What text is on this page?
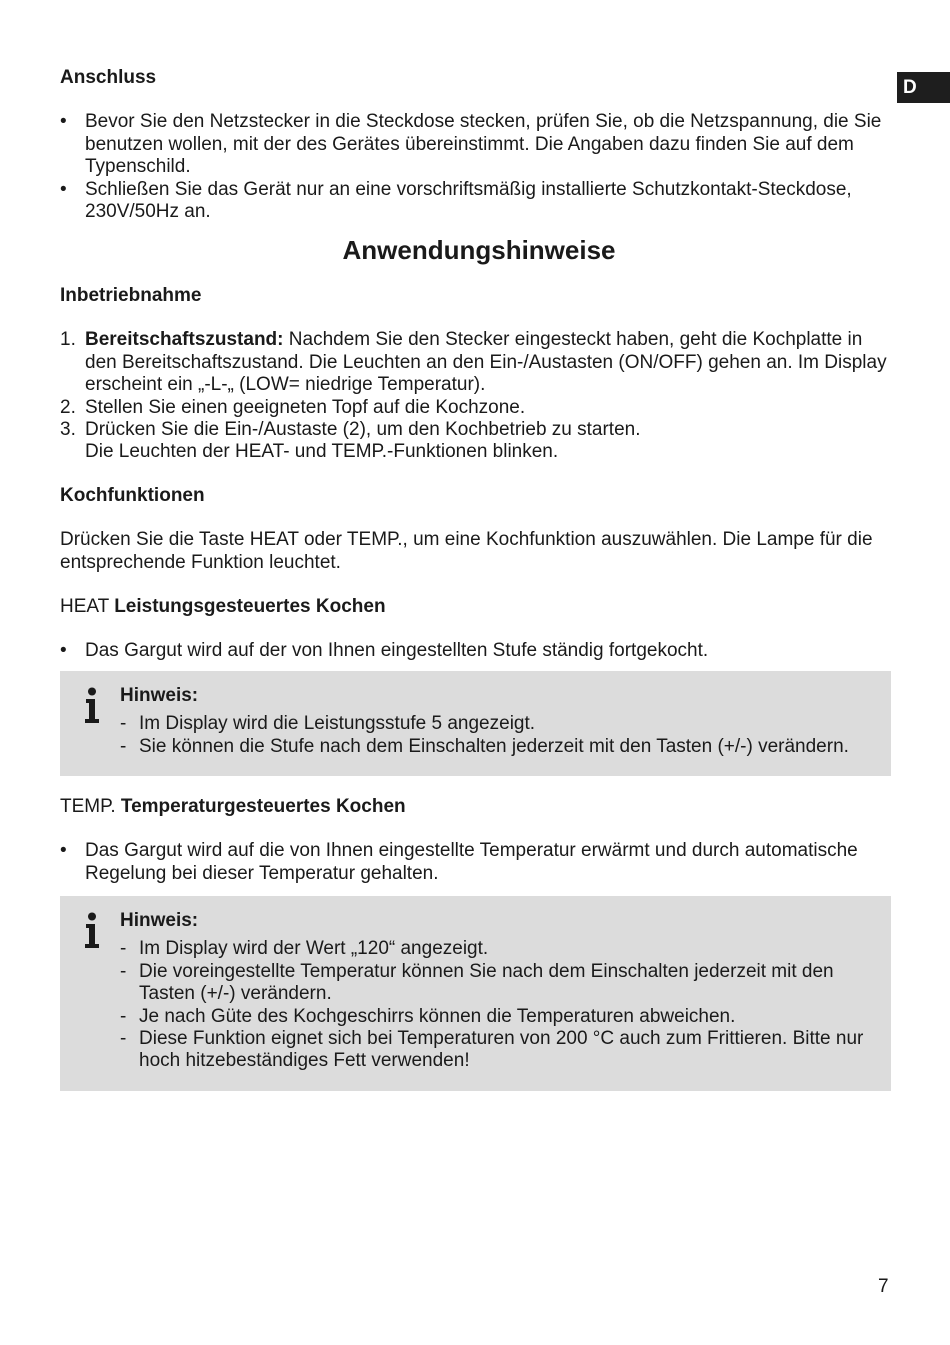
D

Anschluss

• Bevor Sie den Netzstecker in die Steckdose stecken, prüfen Sie, ob die Netzspannung, die Sie benutzen wollen, mit der des Gerätes übereinstimmt. Die Angaben dazu finden Sie auf dem Typenschild.
• Schließen Sie das Gerät nur an eine vorschriftsmäßig installierte Schutzkontakt-Steckdose, 230V/50Hz an.
Anwendungshinweise

Inbetriebnahme

1. Bereitschaftszustand: Nachdem Sie den Stecker eingesteckt haben, geht die Kochplatte in den Bereitschaftszustand. Die Leuchten an den Ein-/Austasten (ON/OFF) gehen an. Im Display erscheint ein „-L-„ (LOW= niedrige Temperatur).
2. Stellen Sie einen geeigneten Topf auf die Kochzone.
3. Drücken Sie die Ein-/Austaste (2), um den Kochbetrieb zu starten.
Die Leuchten der HEAT- und TEMP.-Funktionen blinken.

Kochfunktionen

Drücken Sie die Taste HEAT oder TEMP., um eine Kochfunktion auszuwählen. Die Lampe für die entsprechende Funktion leuchtet.

HEAT Leistungsgesteuertes Kochen

• Das Gargut wird auf der von Ihnen eingestellten Stufe ständig fortgekocht.

Hinweis:

- Im Display wird die Leistungsstufe 5 angezeigt.
- Sie können die Stufe nach dem Einschalten jederzeit mit den Tasten (+/-) verändern.

TEMP. Temperaturgesteuertes Kochen

• Das Gargut wird auf die von Ihnen eingestellte Temperatur erwärmt und durch automatische Regelung bei dieser Temperatur gehalten.

Hinweis:

- Im Display wird der Wert „120“ angezeigt.
- Die voreingestellte Temperatur können Sie nach dem Einschalten jederzeit mit den Tasten (+/-) verändern.
- Je nach Güte des Kochgeschirrs können die Temperaturen abweichen.
- Diese Funktion eignet sich bei Temperaturen von 200 °C auch zum Frittieren. Bitte nur hoch hitzebeständiges Fett verwenden!
7
